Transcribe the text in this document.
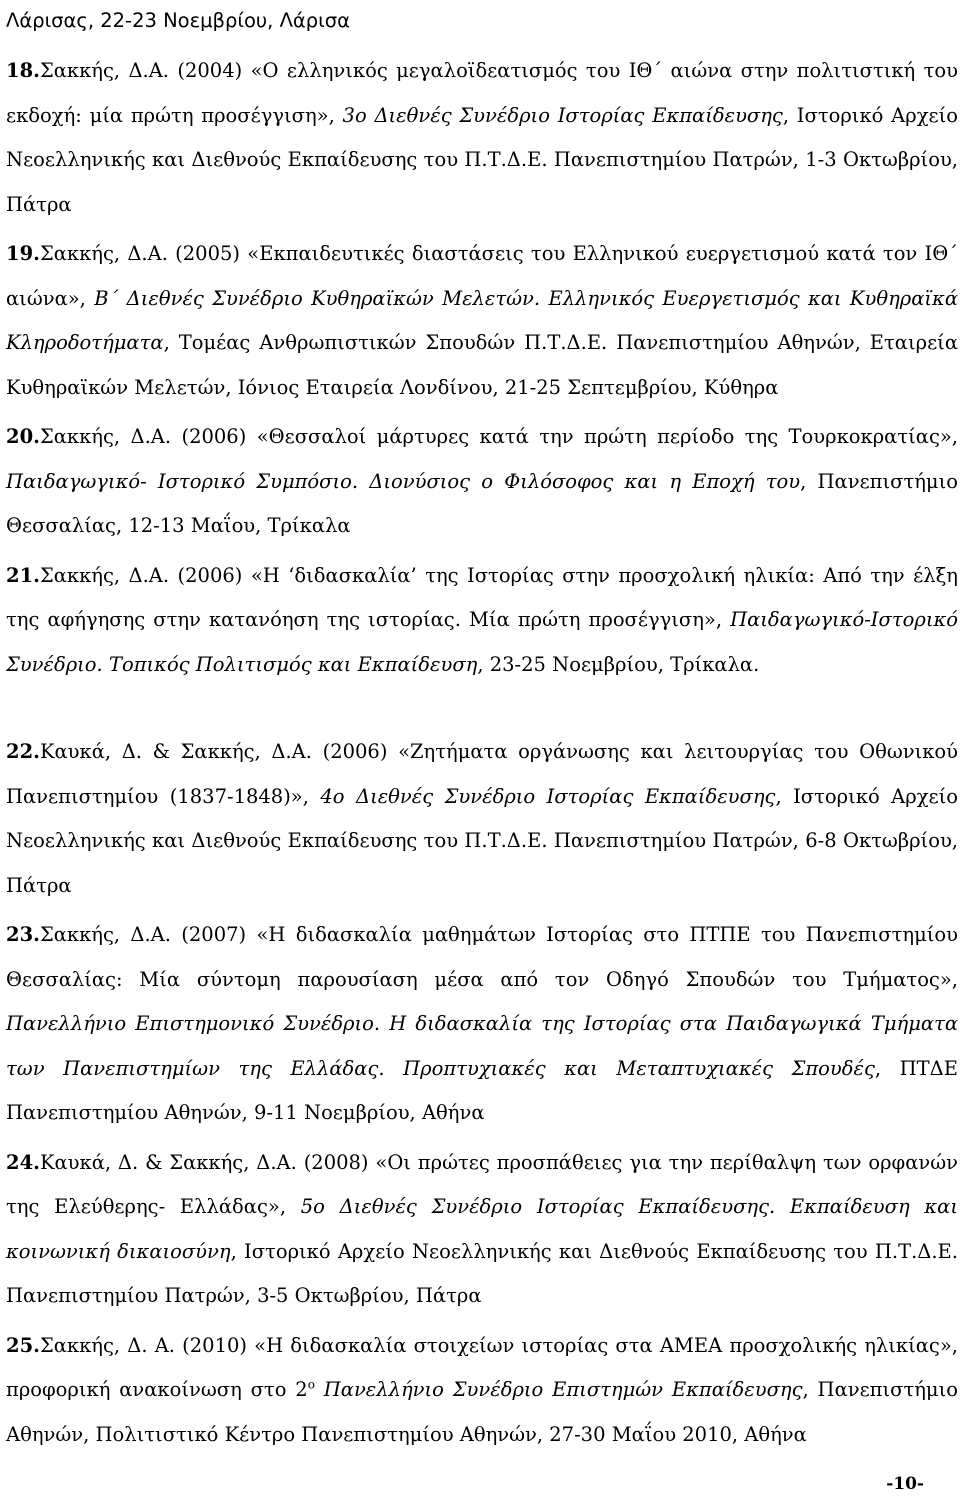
Λάρισας, 22-23 Νοεμβρίου, Λάρισα

18.Σακκής, Δ.Α. (2004) «Ο ελληνικός μεγαλοϊδεατισμός του ΙΘ΄ αιώνα στην πολιτιστική του εκδοχή: μία πρώτη προσέγγιση», 3ο Διεθνές Συνέδριο Ιστορίας Εκπαίδευσης, Ιστορικό Αρχείο Νεοελληνικής και Διεθνούς Εκπαίδευσης του Π.Τ.Δ.Ε. Πανεπιστημίου Πατρών, 1-3 Οκτωβρίου, Πάτρα

19.Σακκής, Δ.Α. (2005) «Εκπαιδευτικές διαστάσεις του Ελληνικού ευεργετισμού κατά τον ΙΘ΄ αιώνα», Β΄ Διεθνές Συνέδριο Κυθηραϊκών Μελετών. Ελληνικός Ευεργετισμός και Κυθηραϊκά Κληροδοτήματα, Τομέας Ανθρωπιστικών Σπουδών Π.Τ.Δ.Ε. Πανεπιστημίου Αθηνών, Εταιρεία Κυθηραϊκών Μελετών, Ιόνιος Εταιρεία Λονδίνου, 21-25 Σεπτεμβρίου, Κύθηρα

20.Σακκής, Δ.Α. (2006) «Θεσσαλοί μάρτυρες κατά την πρώτη περίοδο της Τουρκοκρατίας», Παιδαγωγικό- Ιστορικό Συμπόσιο. Διονύσιος ο Φιλόσοφος και η Εποχή του, Πανεπιστήμιο Θεσσαλίας, 12-13 Μαΐου, Τρίκαλα

21.Σακκής, Δ.Α. (2006) «Η ‘διδασκαλία’ της Ιστορίας στην προσχολική ηλικία: Από την έλξη της αφήγησης στην κατανόηση της ιστορίας. Μία πρώτη προσέγγιση», Παιδαγωγικό-Ιστορικό Συνέδριο. Τοπικός Πολιτισμός και Εκπαίδευση, 23-25 Νοεμβρίου, Τρίκαλα.

22.Καυκά, Δ. & Σακκής, Δ.Α. (2006) «Ζητήματα οργάνωσης και λειτουργίας του Οθωνικού Πανεπιστημίου (1837-1848)», 4ο Διεθνές Συνέδριο Ιστορίας Εκπαίδευσης, Ιστορικό Αρχείο Νεοελληνικής και Διεθνούς Εκπαίδευσης του Π.Τ.Δ.Ε. Πανεπιστημίου Πατρών, 6-8 Οκτωβρίου, Πάτρα

23.Σακκής, Δ.Α. (2007) «Η διδασκαλία μαθημάτων Ιστορίας στο ΠΤΠΕ του Πανεπιστημίου Θεσσαλίας: Μία σύντομη παρουσίαση μέσα από τον Οδηγό Σπουδών του Τμήματος», Πανελλήνιο Επιστημονικό Συνέδριο. Η διδασκαλία της Ιστορίας στα Παιδαγωγικά Τμήματα των Πανεπιστημίων της Ελλάδας. Προπτυχιακές και Μεταπτυχιακές Σπουδές, ΠΤΔΕ Πανεπιστημίου Αθηνών, 9-11 Νοεμβρίου, Αθήνα

24.Καυκά, Δ. & Σακκής, Δ.Α. (2008) «Οι πρώτες προσπάθειες για την περίθαλψη των ορφανών της Ελεύθερης- Ελλάδας», 5ο Διεθνές Συνέδριο Ιστορίας Εκπαίδευσης. Εκπαίδευση και κοινωνική δικαιοσύνη, Ιστορικό Αρχείο Νεοελληνικής και Διεθνούς Εκπαίδευσης του Π.Τ.Δ.Ε. Πανεπιστημίου Πατρών, 3-5 Οκτωβρίου, Πάτρα

25.Σακκής, Δ. Α. (2010) «Η διδασκαλία στοιχείων ιστορίας στα ΑΜΕΑ προσχολικής ηλικίας», προφορική ανακοίνωση στο $2^o$ Πανελλήνιο Συνέδριο Επιστημών Εκπαίδευσης, Πανεπιστήμιο Αθηνών, Πολιτιστικό Κέντρο Πανεπιστημίου Αθηνών, 27-30 Μαΐου 2010, Αθήνα

-10-
